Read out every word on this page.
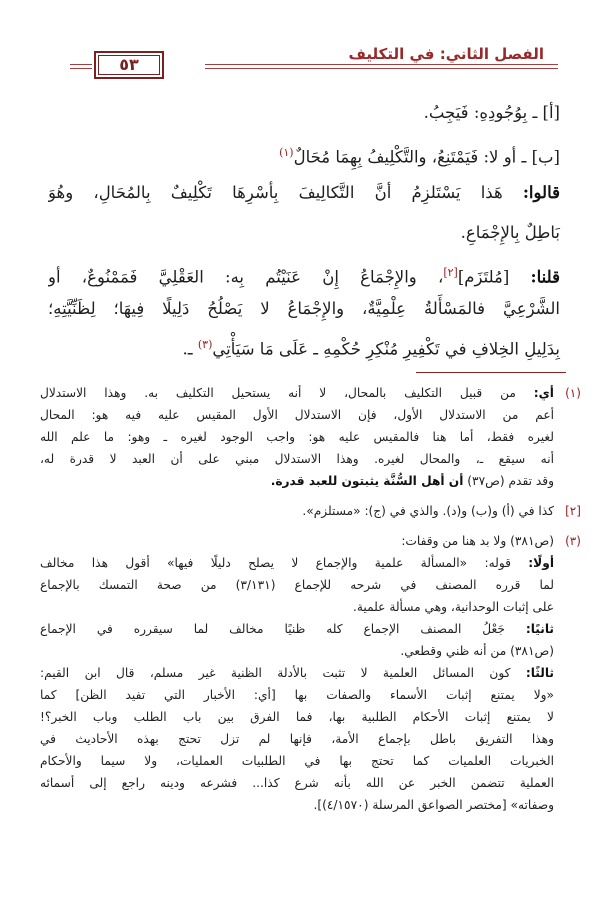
الفصل الثاني: في التكليف
٥٣
[أ] ـ بِوُجُودِهِ: فَيَجِبُ.
[ب] ـ أو لا: فَيَمْتَنِعُ، والتَّكْلِيفُ بِهِمَا مُحَالٌ$^{(١)}$
قالوا: هَذا يَسْتَلزِمُ أنَّ التَّكالِيفَ بِأسْرِهَا تَكْلِيفٌ بِالمُحَالِ، وهُوَ
بَاطِلٌ بِالإِجْمَاعِ.
قلنا: [مُلتَزَم][٢]، والإِجْمَاعُ إِنْ عَنَيْتُم بِه: العَقْلِيَّ فَمَمْنُوعٌ، أو
الشَّرْعِيَّ فالمَسْأَلةُ عِلْمِيَّةٌ، والإِجْمَاعُ لا يَصْلُحُ دَلِيلًا فِيهَا؛ لِظَنِّيَّتِهِ؛
بِدَلِيلِ الخِلافِ في تَكْفِيرِ مُنْكِرِ حُكْمِهِ ـ عَلَى مَا سَيَأْتِي$^{(٣)}$ ـ.
(١)
أي: من قبيل التكليف بالمحال، لا أنه يستحيل التكليف به. وهذا الاستدلال
أعم من الاستدلال الأول، فإن الاستدلال الأول المقيس عليه فيه هو: المحال
لغيره فقط، أما هنا فالمقيس عليه هو: واجب الوجود لغيره ـ وهو: ما علم الله
أنه سيقع ـ، والمحال لغيره. وهذا الاستدلال مبني على أن العبد لا قدرة له،
وقد تقدم (ص٣٧) أن أهل السُّنَّة يثبتون للعبد قدرة.
[٢]
كذا في (أ) و(ب) و(د). والذي في (ج): «مستلزم».
(٣)
(ص٣٨١) ولا بد هنا من وقفات:
أولًا: قوله: «المسألة علمية والإجماع لا يصلح دليلًا فيها» أقول هذا مخالف
لما قرره المصنف في شرحه للإجماع (٣/١٣١) من صحة التمسك بالإجماع
على إثبات الوحدانية، وهي مسألة علمية.
ثانيًا: جَعْلُ المصنف الإجماع كله ظنيًا مخالف لما سيقرره في الإجماع
(ص٣٨١) من أنه ظني وقطعي.
ثالثًا: كون المسائل العلمية لا تثبت بالأدلة الظنية غير مسلم، قال ابن القيم:
«ولا يمتنع إثبات الأسماء والصفات بها [أي: الأخبار التي تفيد الظن] كما
لا يمتنع إثبات الأحكام الطلبية بها، فما الفرق بين باب الطلب وباب الخبر؟!
وهذا التفريق باطل بإجماع الأمة، فإنها لم تزل تحتج بهذه الأحاديث في
الخبريات العلميات كما تحتج بها في الطلبيات العمليات، ولا سيما والأحكام
العملية تتضمن الخبر عن الله بأنه شرع كذا... فشرعه ودينه راجع إلى أسمائه
وصفاته» [مختصر الصواعق المرسلة (٤/١٥٧٠)].
